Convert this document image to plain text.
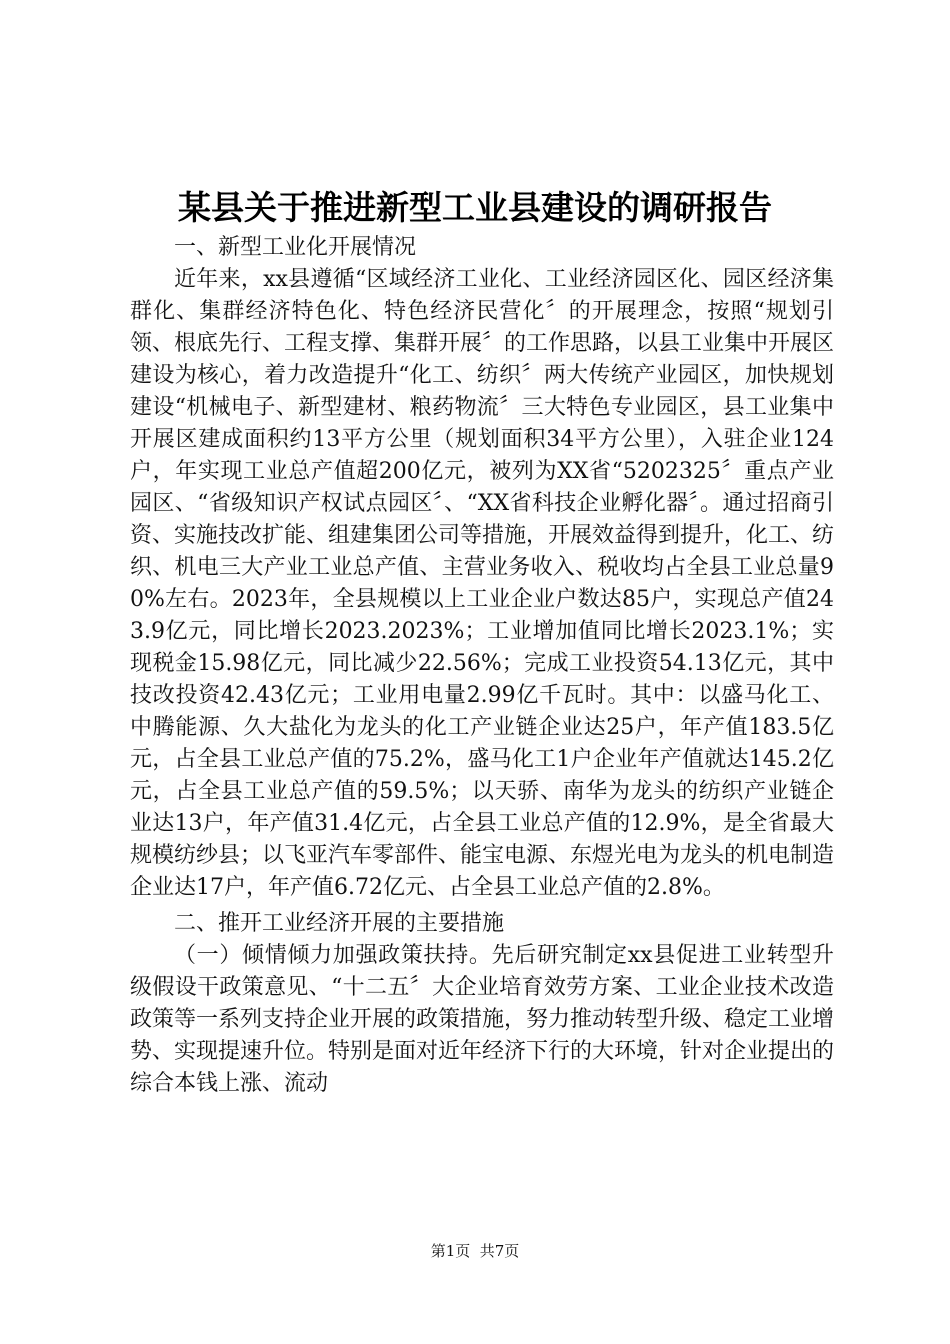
某县关于推进新型工业县建设的调研报告

一、新型工业化开展情况

近年来，xx县遵循“区域经济工业化、工业经济园区化、园区经济集群化、集群经济特色化、特色经济民营化〞的开展理念，按照“规划引领、根底先行、工程支撑、集群开展〞的工作思路，以县工业集中开展区建设为核心，着力改造提升“化工、纺织〞两大传统产业园区，加快规划建设“机械电子、新型建材、粮药物流〞三大特色专业园区，县工业集中开展区建成面积约13平方公里（规划面积34平方公里），入驻企业124户，年实现工业总产值超200亿元，被列为XX省“5202325〞重点产业园区、“省级知识产权试点园区〞、“XX省科技企业孵化器〞。通过招商引资、实施技改扩能、组建集团公司等措施，开展效益得到提升，化工、纺织、机电三大产业工业总产值、主营业务收入、税收均占全县工业总量90%左右。2023年，全县规模以上工业企业户数达85户，实现总产值243.9亿元，同比增长2023.2023%；工业增加值同比增长2023.1%；实现税金15.98亿元，同比减少22.56%；完成工业投资54.13亿元，其中技改投资42.43亿元；工业用电量2.99亿千瓦时。其中：以盛马化工、中腾能源、久大盐化为龙头的化工产业链企业达25户，年产值183.5亿元，占全县工业总产值的75.2%，盛马化工1户企业年产值就达145.2亿元，占全县工业总产值的59.5%；以天骄、南华为龙头的纺织产业链企业达13户，年产值31.4亿元，占全县工业总产值的12.9%，是全省最大规模纺纱县；以飞亚汽车零部件、能宝电源、东煜光电为龙头的机电制造企业达17户，年产值6.72亿元、占全县工业总产值的2.8%。

二、推开工业经济开展的主要措施

（一）倾情倾力加强政策扶持。先后研究制定xx县促进工业转型升级假设干政策意见、“十二五〞大企业培育效劳方案、工业企业技术改造政策等一系列支持企业开展的政策措施，努力推动转型升级、稳定工业增势、实现提速升位。特别是面对近年经济下行的大环境，针对企业提出的综合本钱上涨、流动

第1页  共7页
